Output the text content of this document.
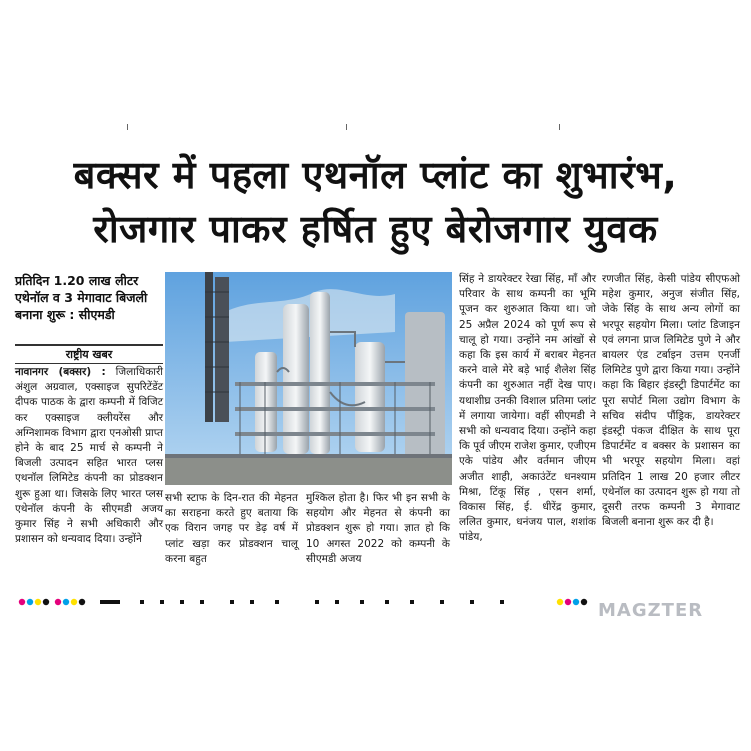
बक्सर में पहला एथनॉल प्लांट का शुभारंभ,
रोजगार पाकर हर्षित हुए बेरोजगार युवक
प्रतिदिन 1.20 लाख लीटर एथेनॉल व 3 मेगावाट बिजली बनाना शुरू : सीएमडी
राष्ट्रीय खबर
नावानगर (बक्सर) : जिलाधिकारी अंशुल अग्रवाल, एक्साइज सुपरिटेंडेंट दीपक पाठक के द्वारा कम्पनी में विजिट कर एक्साइज क्लीयरेंस और अग्निशामक विभाग द्वारा एनओसी प्राप्त होने के बाद 25 मार्च से कम्पनी ने बिजली उत्पादन सहित भारत प्लस एथनॉल लिमिटेड कंपनी का प्रोडक्शन शुरू हुआ था। जिसके लिए भारत प्लस एथेनॉल कंपनी के सीएमडी अजय कुमार सिंह ने सभी अधिकारी और प्रशासन को धन्यवाद दिया। उन्होंने
सभी स्टाफ के दिन-रात की मेहनत का सराहना करते हुए बताया कि एक विरान जगह पर डेढ़ वर्ष में प्लांट खड़ा कर प्रोडक्शन चालू करना बहुत
मुश्किल होता है। फिर भी इन सभी के सहयोग और मेहनत से कंपनी का प्रोडक्शन शुरू हो गया। ज्ञात हो कि 10 अगस्त 2022 को कम्पनी के सीएमडी अजय
सिंह ने डायरेक्टर रेखा सिंह, माँ और परिवार के साथ कम्पनी का भूमि पूजन कर शुरुआत किया था। जो 25 अप्रैल 2024 को पूर्ण रूप से चालू हो गया। उन्होंने नम आंखों से कहा कि इस कार्य में बराबर मेहनत करने वाले मेरे बड़े भाई शैलेश सिंह कंपनी का शुरुआत नहीं देख पाए। यथाशीघ्र उनकी विशाल प्रतिमा प्लांट में लगाया जायेगा। वहीं सीएमडी ने सभी को धन्यवाद दिया। उन्होंने कहा कि पूर्व जीएम राजेश कुमार, एजीएम एके पांडेय और वर्तमान जीएम अजीत शाही, अकाउंटेंट धनश्याम मिश्रा, टिंकू सिंह , एसन शर्मा, विकास सिंह, ई. धीरेंद्र कुमार, ललित कुमार, धनंजय पाल, शशांक पांडेय,
रणजीत सिंह, केसी पांडेय सीएफओ महेश कुमार, अनुज संजीत सिंह, जेके सिंह के साथ अन्य लोगों का भरपूर सहयोग मिला। प्लांट डिजाइन एवं लगना प्राज लिमिटेड पुणे ने और बायलर एंड टर्बाइन उत्तम एनर्जी लिमिटेड पुणे द्वारा किया गया। उन्होंने कहा कि बिहार इंडस्ट्री डिपार्टमेंट का पूरा सपोर्ट मिला उद्योग विभाग के सचिव संदीप पौंड्रिक, डायरेक्टर इंडस्ट्री पंकज दीक्षित के साथ पूरा डिपार्टमेंट व बक्सर के प्रशासन का भी भरपूर सहयोग मिला। वहां प्रतिदिन 1 लाख 20 हजार लीटर एथेनॉल का उत्पादन शुरू हो गया तो दूसरी तरफ कम्पनी 3 मेगावाट बिजली बनाना शुरू कर दी है।
MAGZTER
